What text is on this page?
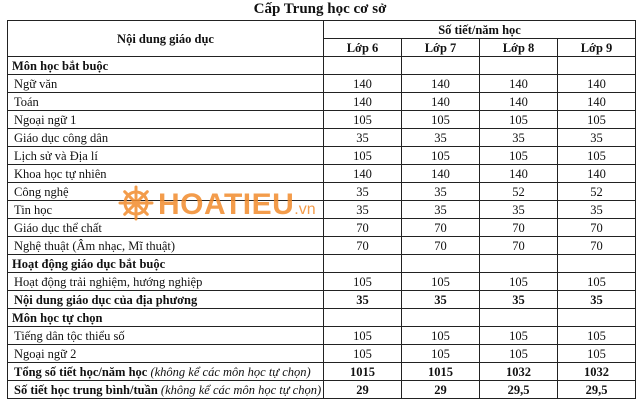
Cấp Trung học cơ sở
Nội dung giáo dục	Số tiết/năm học			
	Lớp 6	Lớp 7	Lớp 8	Lớp 9
Môn học bắt buộc				
Ngữ văn	140	140	140	140
Toán	140	140	140	140
Ngoại ngữ 1	105	105	105	105
Giáo dục công dân	35	35	35	35
Lịch sử và Địa lí	105	105	105	105
Khoa học tự nhiên	140	140	140	140
Công nghệ	35	35	52	52
Tin học	35	35	35	35
Giáo dục thể chất	70	70	70	70
Nghệ thuật (Âm nhạc, Mĩ thuật)	70	70	70	70
Hoạt động giáo dục bắt buộc				
Hoạt động trải nghiệm, hướng nghiệp	105	105	105	105
Nội dung giáo dục của địa phương	35	35	35	35
Môn học tự chọn				
Tiếng dân tộc thiểu số	105	105	105	105
Ngoại ngữ 2	105	105	105	105
Tổng số tiết học/năm học (không kể các môn học tự chọn)	1015	1015	1032	1032
Số tiết học trung bình/tuần (không kể các môn học tự chọn)	29	29	29,5	29,5
HOATIEU .vn
